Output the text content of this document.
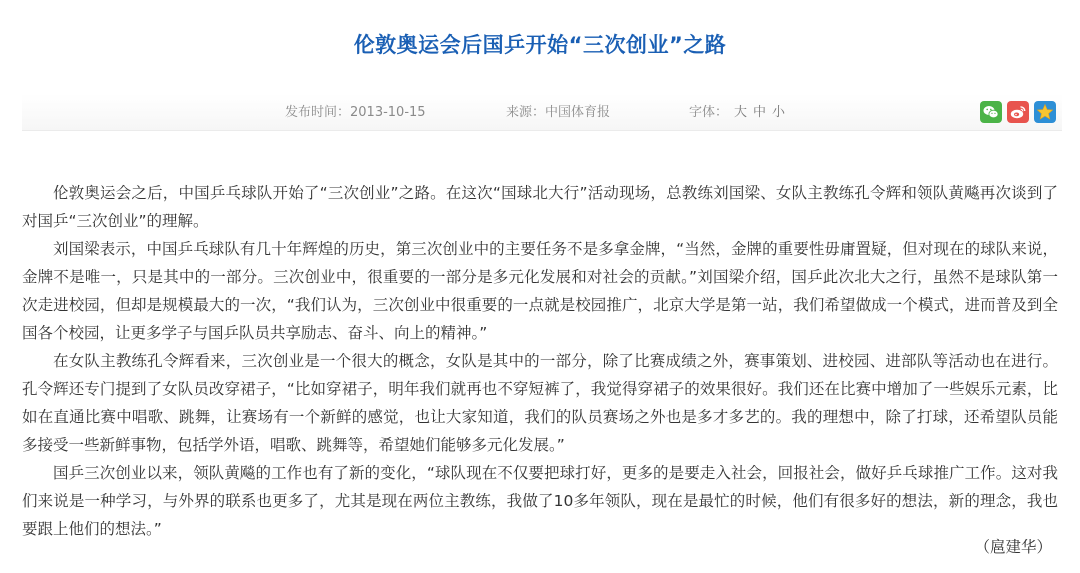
伦敦奥运会后国乒开始“三次创业”之路
发布时间：2013-10-15	来源：中国体育报	字体： 大 中 小

伦敦奥运会之后，中国乒乓球队开始了“三次创业”之路。在这次“国球北大行”活动现场，总教练刘国梁、女队主教练孔令辉和领队黄飚再次谈到了对国乒“三次创业”的理解。

刘国梁表示，中国乒乓球队有几十年辉煌的历史，第三次创业中的主要任务不是多拿金牌，“当然，金牌的重要性毋庸置疑，但对现在的球队来说，金牌不是唯一，只是其中的一部分。三次创业中，很重要的一部分是多元化发展和对社会的贡献。”刘国梁介绍，国乒此次北大之行，虽然不是球队第一次走进校园，但却是规模最大的一次，“我们认为，三次创业中很重要的一点就是校园推广，北京大学是第一站，我们希望做成一个模式，进而普及到全国各个校园，让更多学子与国乒队员共享励志、奋斗、向上的精神。”

在女队主教练孔令辉看来，三次创业是一个很大的概念，女队是其中的一部分，除了比赛成绩之外，赛事策划、进校园、进部队等活动也在进行。孔令辉还专门提到了女队员改穿裙子，“比如穿裙子，明年我们就再也不穿短裤了，我觉得穿裙子的效果很好。我们还在比赛中增加了一些娱乐元素，比如在直通比赛中唱歌、跳舞，让赛场有一个新鲜的感觉，也让大家知道，我们的队员赛场之外也是多才多艺的。我的理想中，除了打球，还希望队员能多接受一些新鲜事物，包括学外语，唱歌、跳舞等，希望她们能够多元化发展。”

国乒三次创业以来，领队黄飚的工作也有了新的变化，“球队现在不仅要把球打好，更多的是要走入社会，回报社会，做好乒乓球推广工作。这对我们来说是一种学习，与外界的联系也更多了，尤其是现在两位主教练，我做了10多年领队，现在是最忙的时候，他们有很多好的想法，新的理念，我也要跟上他们的想法。”

（扈建华）
